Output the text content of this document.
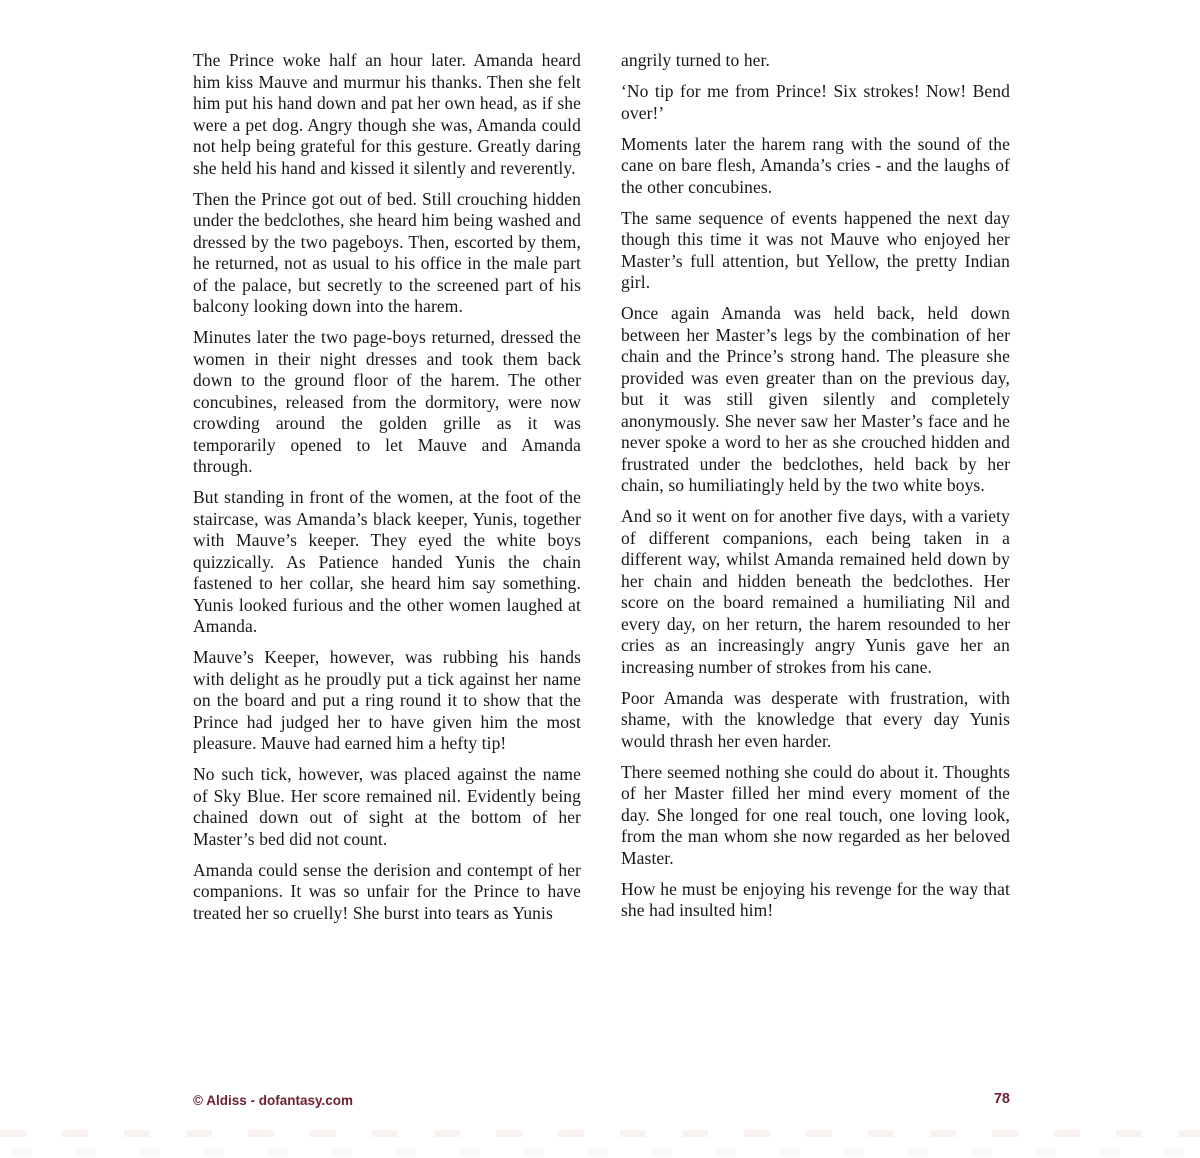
The Prince woke half an hour later. Amanda heard him kiss Mauve and murmur his thanks. Then she felt him put his hand down and pat her own head, as if she were a pet dog. Angry though she was, Amanda could not help being grateful for this gesture. Greatly daring she held his hand and kissed it silently and reverently.

Then the Prince got out of bed. Still crouching hidden under the bedclothes, she heard him being washed and dressed by the two pageboys. Then, escorted by them, he returned, not as usual to his office in the male part of the palace, but secretly to the screened part of his balcony looking down into the harem.

Minutes later the two page-boys returned, dressed the women in their night dresses and took them back down to the ground floor of the harem. The other concubines, released from the dormitory, were now crowding around the golden grille as it was temporarily opened to let Mauve and Amanda through.

But standing in front of the women, at the foot of the staircase, was Amanda’s black keeper, Yunis, together with Mauve’s keeper. They eyed the white boys quizzically. As Patience handed Yunis the chain fastened to her collar, she heard him say something. Yunis looked furious and the other women laughed at Amanda.

Mauve’s Keeper, however, was rubbing his hands with delight as he proudly put a tick against her name on the board and put a ring round it to show that the Prince had judged her to have given him the most pleasure. Mauve had earned him a hefty tip!

No such tick, however, was placed against the name of Sky Blue. Her score remained nil. Evidently being chained down out of sight at the bottom of her Master’s bed did not count.

Amanda could sense the derision and contempt of her companions. It was so unfair for the Prince to have treated her so cruelly! She burst into tears as Yunis

angrily turned to her.

‘No tip for me from Prince! Six strokes! Now! Bend over!’

Moments later the harem rang with the sound of the cane on bare flesh, Amanda’s cries - and the laughs of the other concubines.

The same sequence of events happened the next day though this time it was not Mauve who enjoyed her Master’s full attention, but Yellow, the pretty Indian girl.

Once again Amanda was held back, held down between her Master’s legs by the combination of her chain and the Prince’s strong hand. The pleasure she provided was even greater than on the previous day, but it was still given silently and completely anonymously. She never saw her Master’s face and he never spoke a word to her as she crouched hidden and frustrated under the bedclothes, held back by her chain, so humiliatingly held by the two white boys.

And so it went on for another five days, with a variety of different companions, each being taken in a different way, whilst Amanda remained held down by her chain and hidden beneath the bedclothes. Her score on the board remained a humiliating Nil and every day, on her return, the harem resounded to her cries as an increasingly angry Yunis gave her an increasing number of strokes from his cane.

Poor Amanda was desperate with frustration, with shame, with the knowledge that every day Yunis would thrash her even harder.

There seemed nothing she could do about it. Thoughts of her Master filled her mind every moment of the day. She longed for one real touch, one loving look, from the man whom she now regarded as her beloved Master.

How he must be enjoying his revenge for the way that she had insulted him!

© Aldiss - dofantasy.com	78
